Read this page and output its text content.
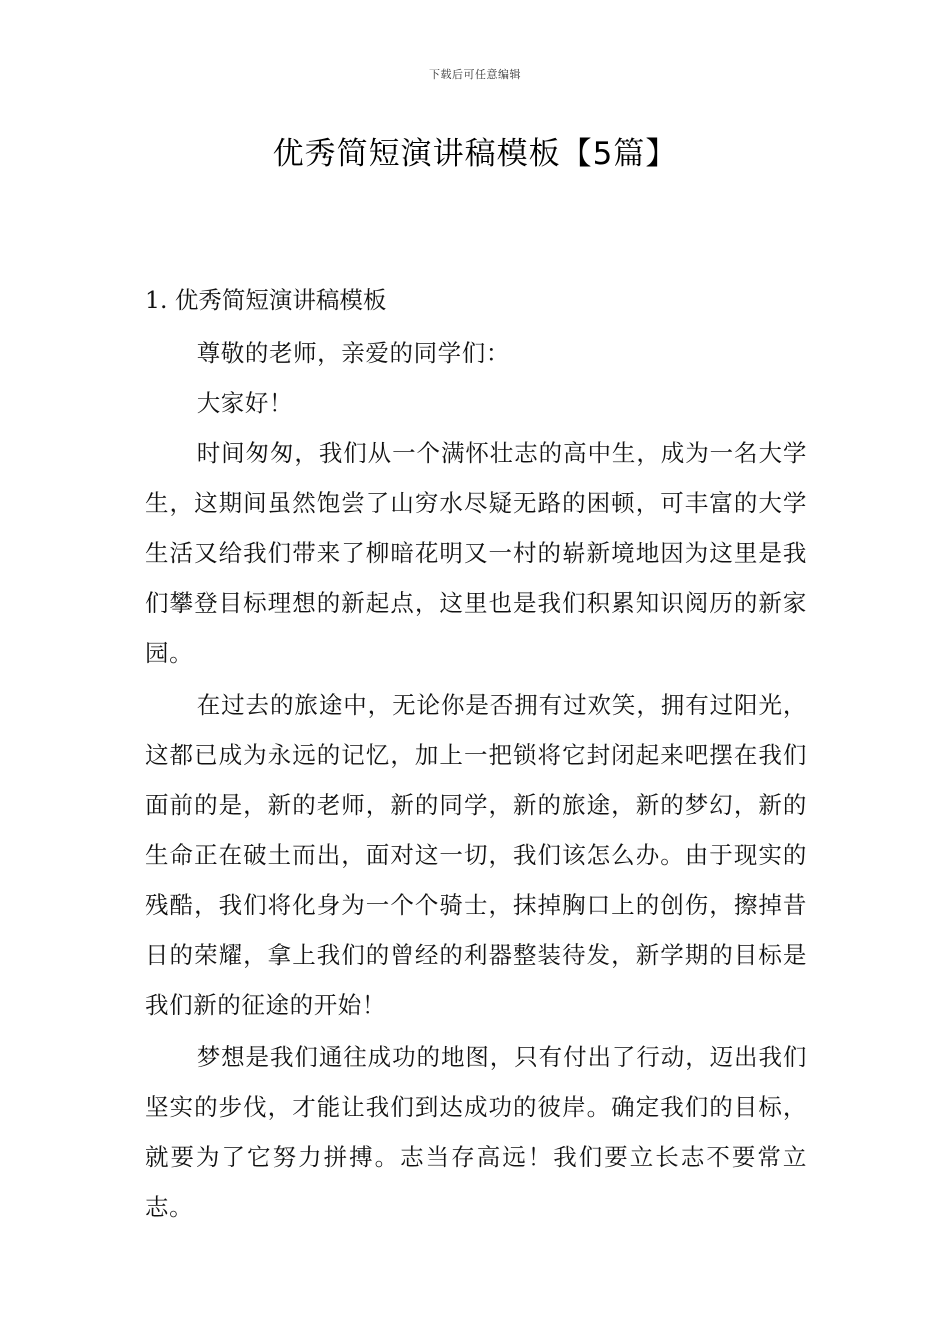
下载后可任意编辑
优秀简短演讲稿模板【5篇】
1. 优秀简短演讲稿模板

尊敬的老师，亲爱的同学们：

大家好！

时间匆匆，我们从一个满怀壮志的高中生，成为一名大学生，这期间虽然饱尝了山穷水尽疑无路的困顿，可丰富的大学生活又给我们带来了柳暗花明又一村的崭新境地因为这里是我们攀登目标理想的新起点，这里也是我们积累知识阅历的新家园。

在过去的旅途中，无论你是否拥有过欢笑，拥有过阳光，这都已成为永远的记忆，加上一把锁将它封闭起来吧摆在我们面前的是，新的老师，新的同学，新的旅途，新的梦幻，新的生命正在破土而出，面对这一切，我们该怎么办。由于现实的残酷，我们将化身为一个个骑士，抹掉胸口上的创伤，擦掉昔日的荣耀，拿上我们的曾经的利器整装待发，新学期的目标是我们新的征途的开始！

梦想是我们通往成功的地图，只有付出了行动，迈出我们坚实的步伐，才能让我们到达成功的彼岸。确定我们的目标，就要为了它努力拼搏。志当存高远！我们要立长志不要常立志。
